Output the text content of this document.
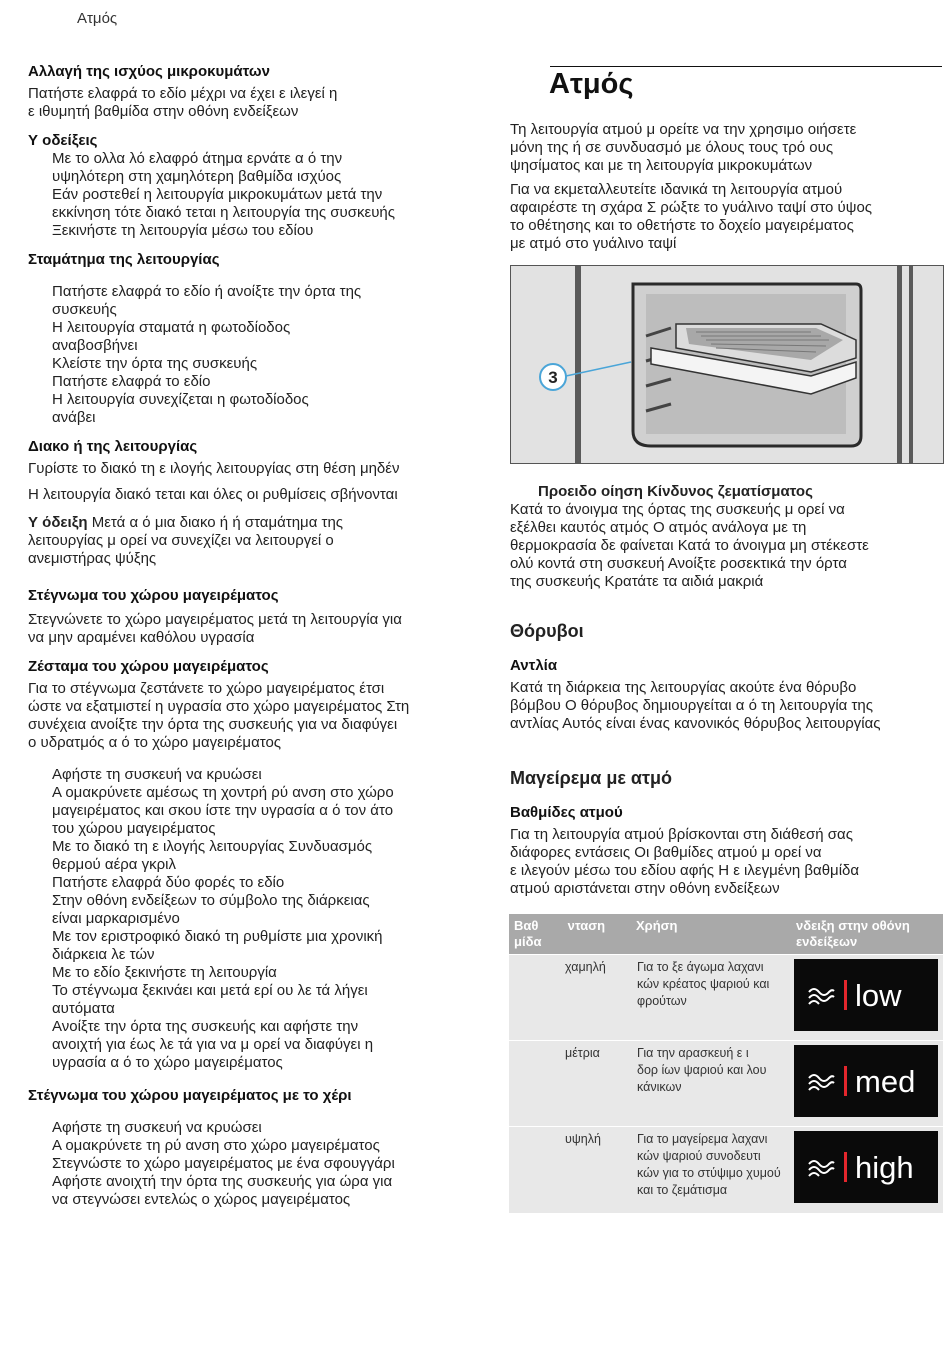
Ατμός
Αλλαγή της ισχύος μικροκυμάτων
Πατήστε ελαφρά το εδίο μέχρι να έχει ε ιλεγεί η
ε ιθυμητή βαθμίδα στην οθόνη ενδείξεων
Υ οδείξεις
Με το ολλα λό ελαφρό άτημα ερνάτε α ό την
υψηλότερη στη χαμηλότερη βαθμίδα ισχύος
Εάν ροστεθεί η λειτουργία μικροκυμάτων μετά την
εκκίνηση τότε διακό τεται η λειτουργία της συσκευής
Ξεκινήστε τη λειτουργία μέσω του εδίου
Σταμάτημα της λειτουργίας
Πατήστε ελαφρά το εδίο ή ανοίξτε την όρτα της
συσκευής
Η λειτουργία σταματά η φωτοδίοδος
αναβοσβήνει
Κλείστε την όρτα της συσκευής
Πατήστε ελαφρά το εδίο
Η λειτουργία συνεχίζεται η φωτοδίοδος
ανάβει
Διακο ή της λειτουργίας
Γυρίστε το διακό τη ε ιλογής λειτουργίας στη θέση μηδέν
Η λειτουργία διακό τεται και όλες οι ρυθμίσεις σβήνονται
Υ όδειξη Μετά α ό μια διακο ή ή σταμάτημα της
λειτουργίας μ ορεί να συνεχίζει να λειτουργεί ο
ανεμιστήρας ψύξης
Στέγνωμα του χώρου μαγειρέματος
Στεγνώνετε το χώρο μαγειρέματος μετά τη λειτουργία για
να μην αραμένει καθόλου υγρασία
Ζέσταμα του χώρου μαγειρέματος
Για το στέγνωμα ζεστάνετε το χώρο μαγειρέματος έτσι
ώστε να εξατμιστεί η υγρασία στο χώρο μαγειρέματος Στη
συνέχεια ανοίξτε την όρτα της συσκευής για να διαφύγει
ο υδρατμός α ό το χώρο μαγειρέματος
Αφήστε τη συσκευή να κρυώσει
Α ομακρύνετε αμέσως τη χοντρή ρύ ανση στο χώρο
μαγειρέματος και σκου ίστε την υγρασία α ό τον άτο
του χώρου μαγειρέματος
Με το διακό τη ε ιλογής λειτουργίας Συνδυασμός
θερμού αέρα γκριλ
Πατήστε ελαφρά δύο φορές το εδίο
Στην οθόνη ενδείξεων το σύμβολο της διάρκειας
είναι μαρκαρισμένο
Με τον εριστροφικό διακό τη ρυθμίστε μια χρονική
διάρκεια λε τών
Με το εδίο ξεκινήστε τη λειτουργία
Το στέγνωμα ξεκινάει και μετά ερί ου λε τά λήγει
αυτόματα
Ανοίξτε την όρτα της συσκευής και αφήστε την
ανοιχτή για έως λε τά για να μ ορεί να διαφύγει η
υγρασία α ό το χώρο μαγειρέματος
Στέγνωμα του χώρου μαγειρέματος με το χέρι
Αφήστε τη συσκευή να κρυώσει
Α ομακρύνετε τη ρύ ανση στο χώρο μαγειρέματος
Στεγνώστε το χώρο μαγειρέματος με ένα σφουγγάρι
Αφήστε ανοιχτή την όρτα της συσκευής για ώρα για
να στεγνώσει εντελώς ο χώρος μαγειρέματος
Ατμός
Τη λειτουργία ατμού μ ορείτε να την χρησιμο οιήσετε
μόνη της ή σε συνδυασμό με όλους τους τρό ους
ψησίματος και με τη λειτουργία μικροκυμάτων
Για να εκμεταλλευτείτε ιδανικά τη λειτουργία ατμού
αφαιρέστε τη σχάρα Σ ρώξτε το γυάλινο ταψί στο ύψος
το οθέτησης και το οθετήστε το δοχείο μαγειρέματος
με ατμό στο γυάλινο ταψί
3
Προειδο οίηση Κίνδυνος ζεματίσματος
Κατά το άνοιγμα της όρτας της συσκευής μ ορεί να
εξέλθει καυτός ατμός Ο ατμός ανάλογα με τη
θερμοκρασία δε φαίνεται Κατά το άνοιγμα μη στέκεστε
ολύ κοντά στη συσκευή Ανοίξτε ροσεκτικά την όρτα
της συσκευής Κρατάτε τα αιδιά μακριά
Θόρυβοι
Αντλία
Κατά τη διάρκεια της λειτουργίας ακούτε ένα θόρυβο
βόμβου Ο θόρυβος δημιουργείται α ό τη λειτουργία της
αντλίας Αυτός είναι ένας κανονικός θόρυβος λειτουργίας
Μαγείρεμα με ατμό
Βαθμίδες ατμού
Για τη λειτουργία ατμού βρίσκονται στη διάθεσή σας
διάφορες εντάσεις Οι βαθμίδες ατμού μ ορεί να
ε ιλεγούν μέσω του εδίου αφής Η ε ιλεγμένη βαθμίδα
ατμού αριστάνεται στην οθόνη ενδείξεων
Βαθ
μίδα	νταση	Χρήση	νδειξη στην οθόνη
ενδείξεων
	χαμηλή	Για το ξε άγωμα λαχανι
κών κρέατος ψαριού και
φρούτων	low

	μέτρια	Για την αρασκευή ε ι
δορ ίων ψαριού και λου
κάνικων	med

	υψηλή	Για το μαγείρεμα λαχανι
κών ψαριού συνοδευτι
κών για το στύψιμο χυμού
και το ζεμάτισμα	high
